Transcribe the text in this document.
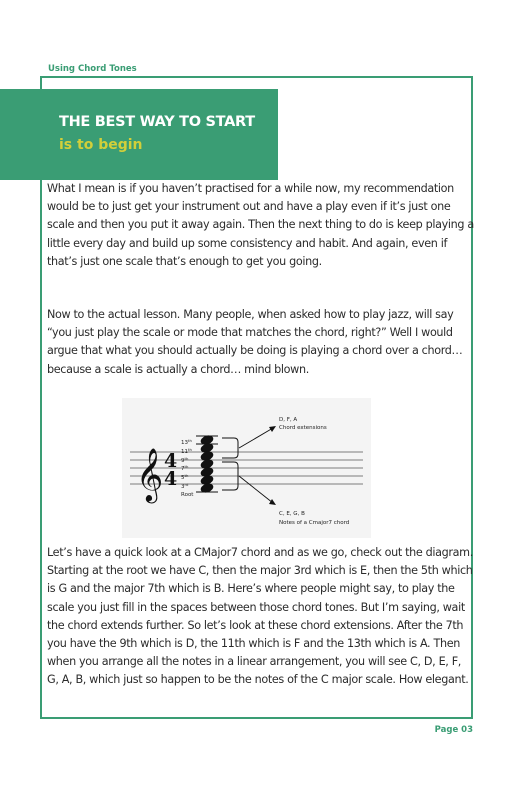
Using Chord Tones
THE BEST WAY TO START
is to begin

What I mean is if you haven’t practised for a while now, my recommendation would be to just get your instrument out and have a play even if it’s just one scale and then you put it away again. Then the next thing to do is keep playing a little every day and build up some consistency and habit. And again, even if that’s just one scale that’s enough to get you going.

Now to the actual lesson. Many people, when asked how to play jazz, will say “you just play the scale or mode that matches the chord, right?” Well I would argue that what you should actually be doing is playing a chord over a chord… because a scale is actually a chord… mind blown.

𝄞 4
4
13th
11th
9th
7th
5th
3rd
Root
D, F, A
Chord extensions
C, E, G, B
Notes of a Cmajor7 chord

Let’s have a quick look at a CMajor7 chord and as we go, check out the diagram. Starting at the root we have C, then the major 3rd which is E, then the 5th which is G and the major 7th which is B. Here’s where people might say, to play the scale you just fill in the spaces between those chord tones. But I’m saying, wait the chord extends further. So let’s look at these chord extensions. After the 7th you have the 9th which is D, the 11th which is F and the 13th which is A. Then when you arrange all the notes in a linear arrangement, you will see C, D, E, F, G, A, B, which just so happen to be the notes of the C major scale. How elegant.

Page 03
